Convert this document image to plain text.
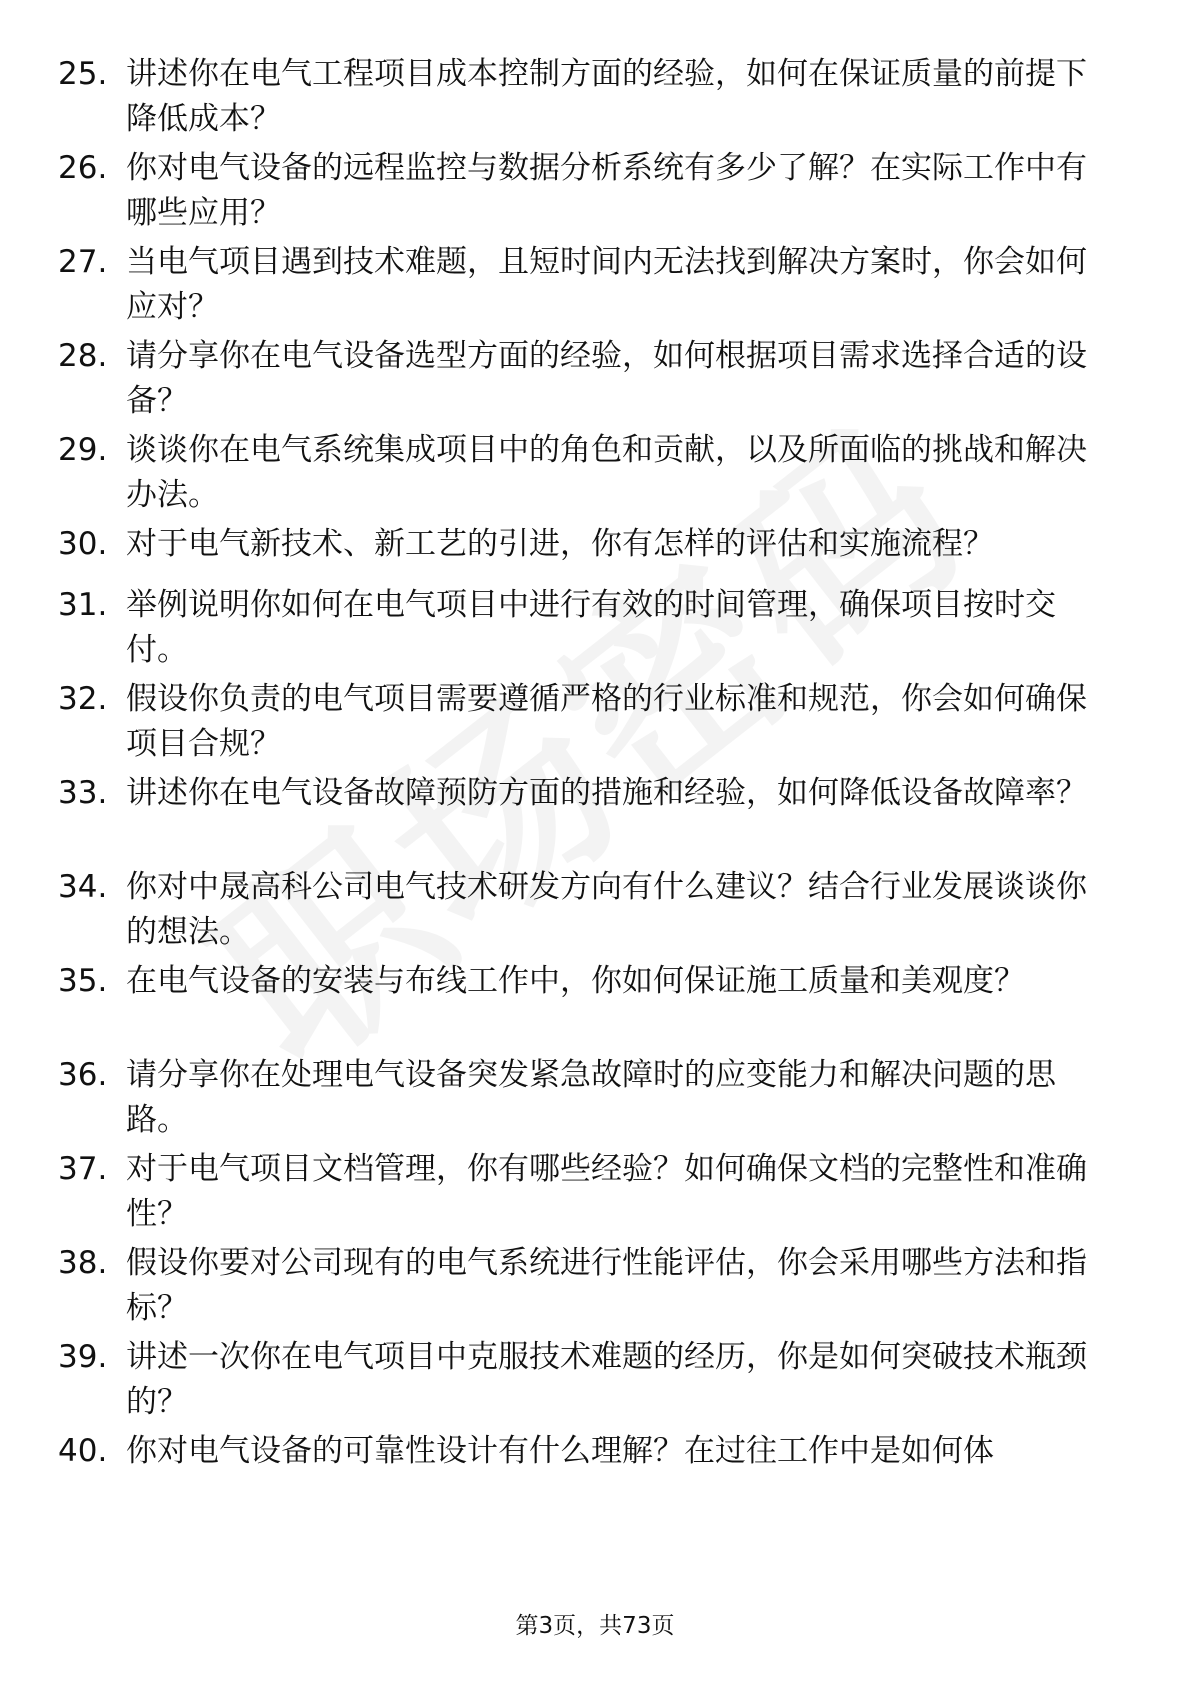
25. 讲述你在电气工程项目成本控制方面的经验，如何在保证质量的前提下降低成本？
26. 你对电气设备的远程监控与数据分析系统有多少了解？在实际工作中有哪些应用？
27. 当电气项目遇到技术难题，且短时间内无法找到解决方案时，你会如何应对？
28. 请分享你在电气设备选型方面的经验，如何根据项目需求选择合适的设备？
29. 谈谈你在电气系统集成项目中的角色和贡献，以及所面临的挑战和解决办法。
30. 对于电气新技术、新工艺的引进，你有怎样的评估和实施流程？
31. 举例说明你如何在电气项目中进行有效的时间管理，确保项目按时交付。
32. 假设你负责的电气项目需要遵循严格的行业标准和规范，你会如何确保项目合规？
33. 讲述你在电气设备故障预防方面的措施和经验，如何降低设备故障率？
34. 你对中晟高科公司电气技术研发方向有什么建议？结合行业发展谈谈你的想法。
35. 在电气设备的安装与布线工作中，你如何保证施工质量和美观度？
36. 请分享你在处理电气设备突发紧急故障时的应变能力和解决问题的思路。
37. 对于电气项目文档管理，你有哪些经验？如何确保文档的完整性和准确性？
38. 假设你要对公司现有的电气系统进行性能评估，你会采用哪些方法和指标？
39. 讲述一次你在电气项目中克服技术难题的经历，你是如何突破技术瓶颈的？
40. 你对电气设备的可靠性设计有什么理解？在过往工作中是如何体
第3页，共73页
